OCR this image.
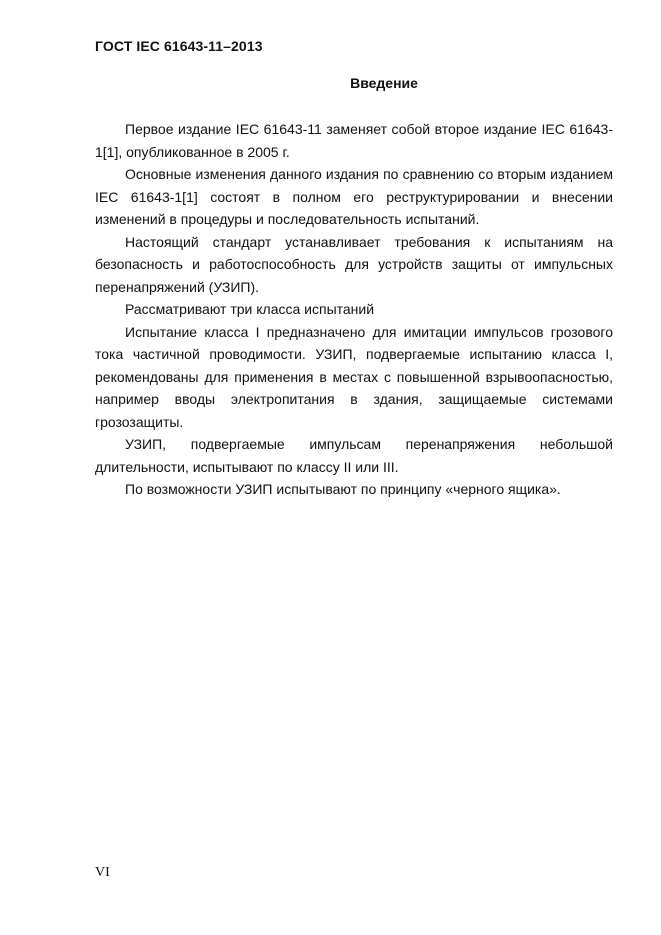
ГОСТ IEC 61643-11–2013
Введение

Первое издание IEC 61643-11 заменяет собой второе издание IEC 61643-1[1], опубликованное в 2005 г.

Основные изменения данного издания по сравнению со вторым изданием IEC 61643-1[1] состоят в полном его реструктурировании и внесении изменений в процедуры и последовательность испытаний.

Настоящий стандарт устанавливает требования к испытаниям на безопасность и работоспособность для устройств защиты от импульсных перенапряжений (УЗИП).

Рассматривают три класса испытаний

Испытание класса I предназначено для имитации импульсов грозового тока частичной проводимости. УЗИП, подвергаемые испытанию класса I, рекомендованы для применения в местах с повышенной взрывоопасностью, например вводы электропитания в здания, защищаемые системами грозозащиты.

УЗИП, подвергаемые импульсам перенапряжения небольшой длительности, испытывают по классу II или III.

По возможности УЗИП испытывают по принципу «черного ящика».

VI
